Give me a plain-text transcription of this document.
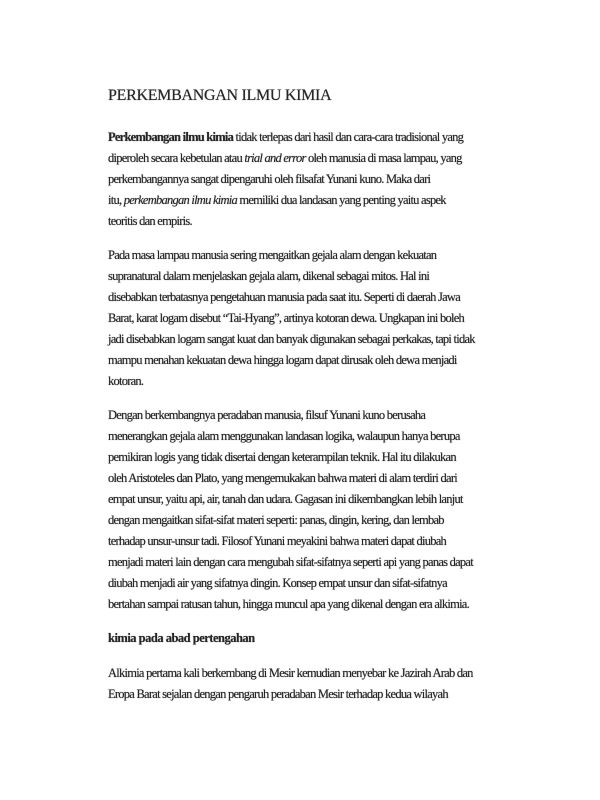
PERKEMBANGAN ILMU KIMIA
Perkembangan ilmu kimia tidak terlepas dari hasil dan cara-cara tradisional yang
diperoleh secara kebetulan atau trial and error oleh manusia di masa lampau, yang
perkembangannya sangat dipengaruhi oleh filsafat Yunani kuno. Maka dari
itu, perkembangan ilmu kimia memiliki dua landasan yang penting yaitu aspek
teoritis dan empiris.
Pada masa lampau manusia sering mengaitkan gejala alam dengan kekuatan
supranatural dalam menjelaskan gejala alam, dikenal sebagai mitos. Hal ini
disebabkan terbatasnya pengetahuan manusia pada saat itu. Seperti di daerah Jawa
Barat, karat logam disebut “Tai-Hyang”, artinya kotoran dewa. Ungkapan ini boleh
jadi disebabkan logam sangat kuat dan banyak digunakan sebagai perkakas, tapi tidak
mampu menahan kekuatan dewa hingga logam dapat dirusak oleh dewa menjadi
kotoran.
Dengan berkembangnya peradaban manusia, filsuf Yunani kuno berusaha
menerangkan gejala alam menggunakan landasan logika, walaupun hanya berupa
pemikiran logis yang tidak disertai dengan keterampilan teknik. Hal itu dilakukan
oleh Aristoteles dan Plato, yang mengemukakan bahwa materi di alam terdiri dari
empat unsur, yaitu api, air, tanah dan udara. Gagasan ini dikembangkan lebih lanjut
dengan mengaitkan sifat-sifat materi seperti: panas, dingin, kering, dan lembab
terhadap unsur-unsur tadi. Filosof Yunani meyakini bahwa materi dapat diubah
menjadi materi lain dengan cara mengubah sifat-sifatnya seperti api yang panas dapat
diubah menjadi air yang sifatnya dingin. Konsep empat unsur dan sifat-sifatnya
bertahan sampai ratusan tahun, hingga muncul apa yang dikenal dengan era alkimia.
kimia pada abad pertengahan
Alkimia pertama kali berkembang di Mesir kemudian menyebar ke Jazirah Arab dan
Eropa Barat sejalan dengan pengaruh peradaban Mesir terhadap kedua wilayah
